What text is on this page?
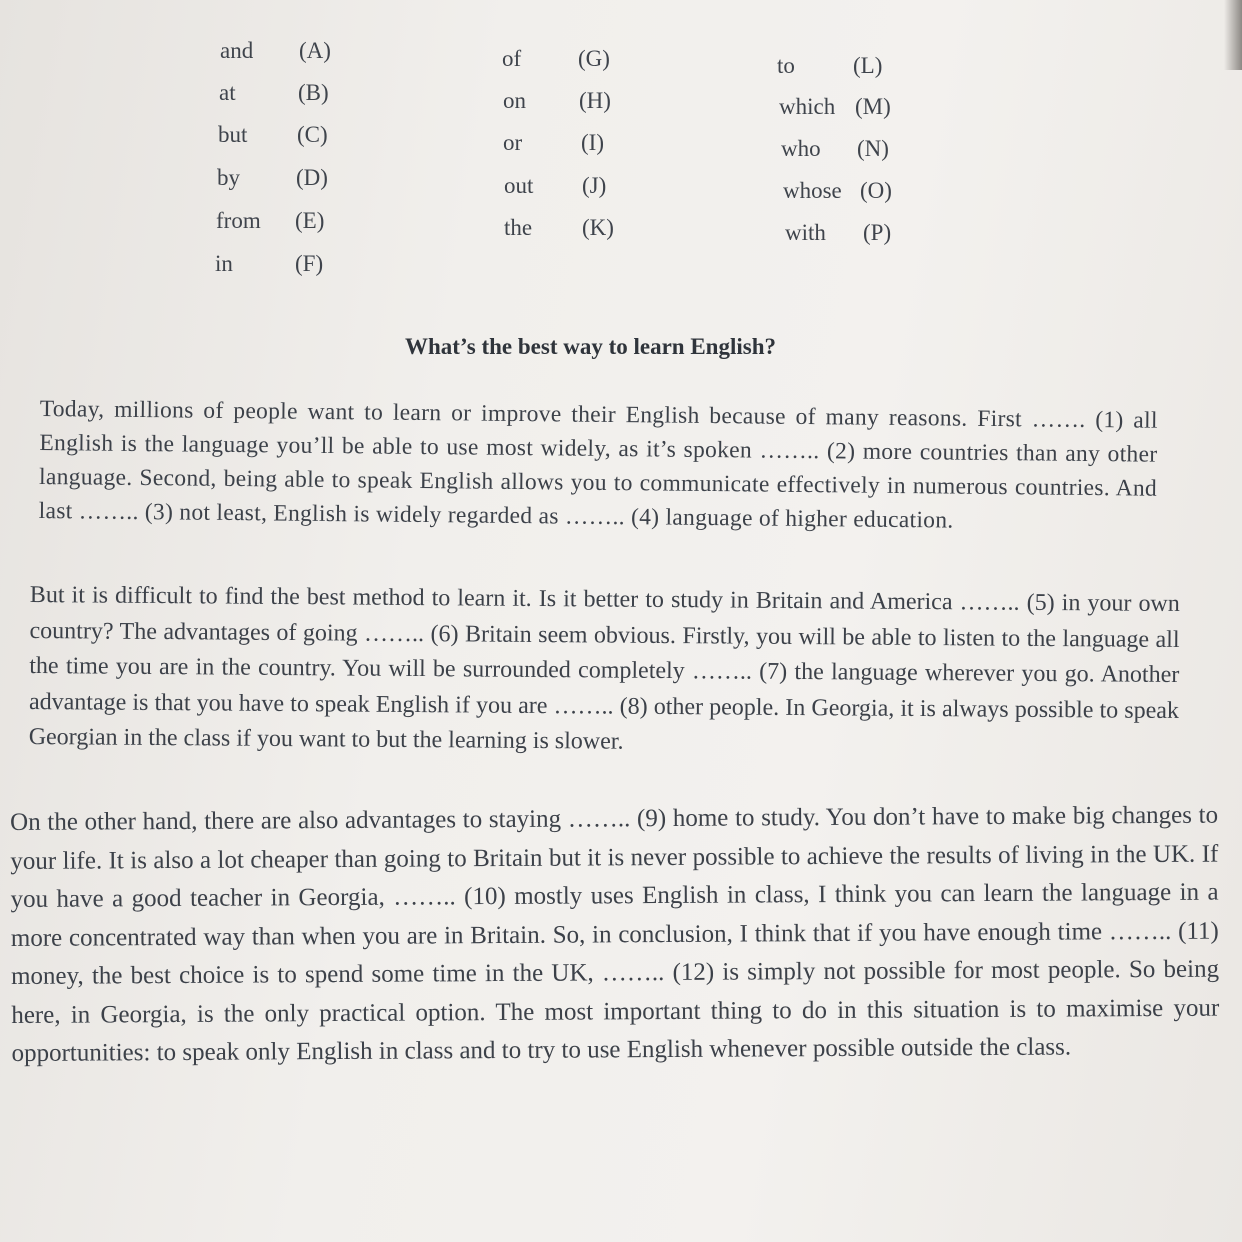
and (A)
at	(B)
but (C)
by (D)
from (E)
in	(F)
of (G)
on (H)
or	(I)
out (J)
the (K)
to	(L)
which (M)
who (N)
whose (O)
with (P)
What’s the best way to learn English?
Today, millions of people want to learn or improve their English because of many reasons. First ……. (1) all English is the language you’ll be able to use most widely, as it’s spoken …….. (2) more countries than any other language. Second, being able to speak English allows you to communicate effectively in numerous countries. And last …….. (3) not least, English is widely regarded as …….. (4) language of higher education.
But it is difficult to find the best method to learn it. Is it better to study in Britain and America …….. (5) in your own country? The advantages of going …….. (6) Britain seem obvious. Firstly, you will be able to listen to the language all the time you are in the country. You will be surrounded completely …….. (7) the language wherever you go. Another advantage is that you have to speak English if you are …….. (8) other people. In Georgia, it is always possible to speak Georgian in the class if you want to but the learning is slower.
On the other hand, there are also advantages to staying …….. (9) home to study. You don’t have to make big changes to your life. It is also a lot cheaper than going to Britain but it is never possible to achieve the results of living in the UK. If you have a good teacher in Georgia, …….. (10) mostly uses English in class, I think you can learn the language in a more concentrated way than when you are in Britain. So, in conclusion, I think that if you have enough time …….. (11) money, the best choice is to spend some time in the UK, …….. (12) is simply not possible for most people. So being here, in Georgia, is the only practical option. The most important thing to do in this situation is to maximise your opportunities: to speak only English in class and to try to use English whenever possible outside the class.
